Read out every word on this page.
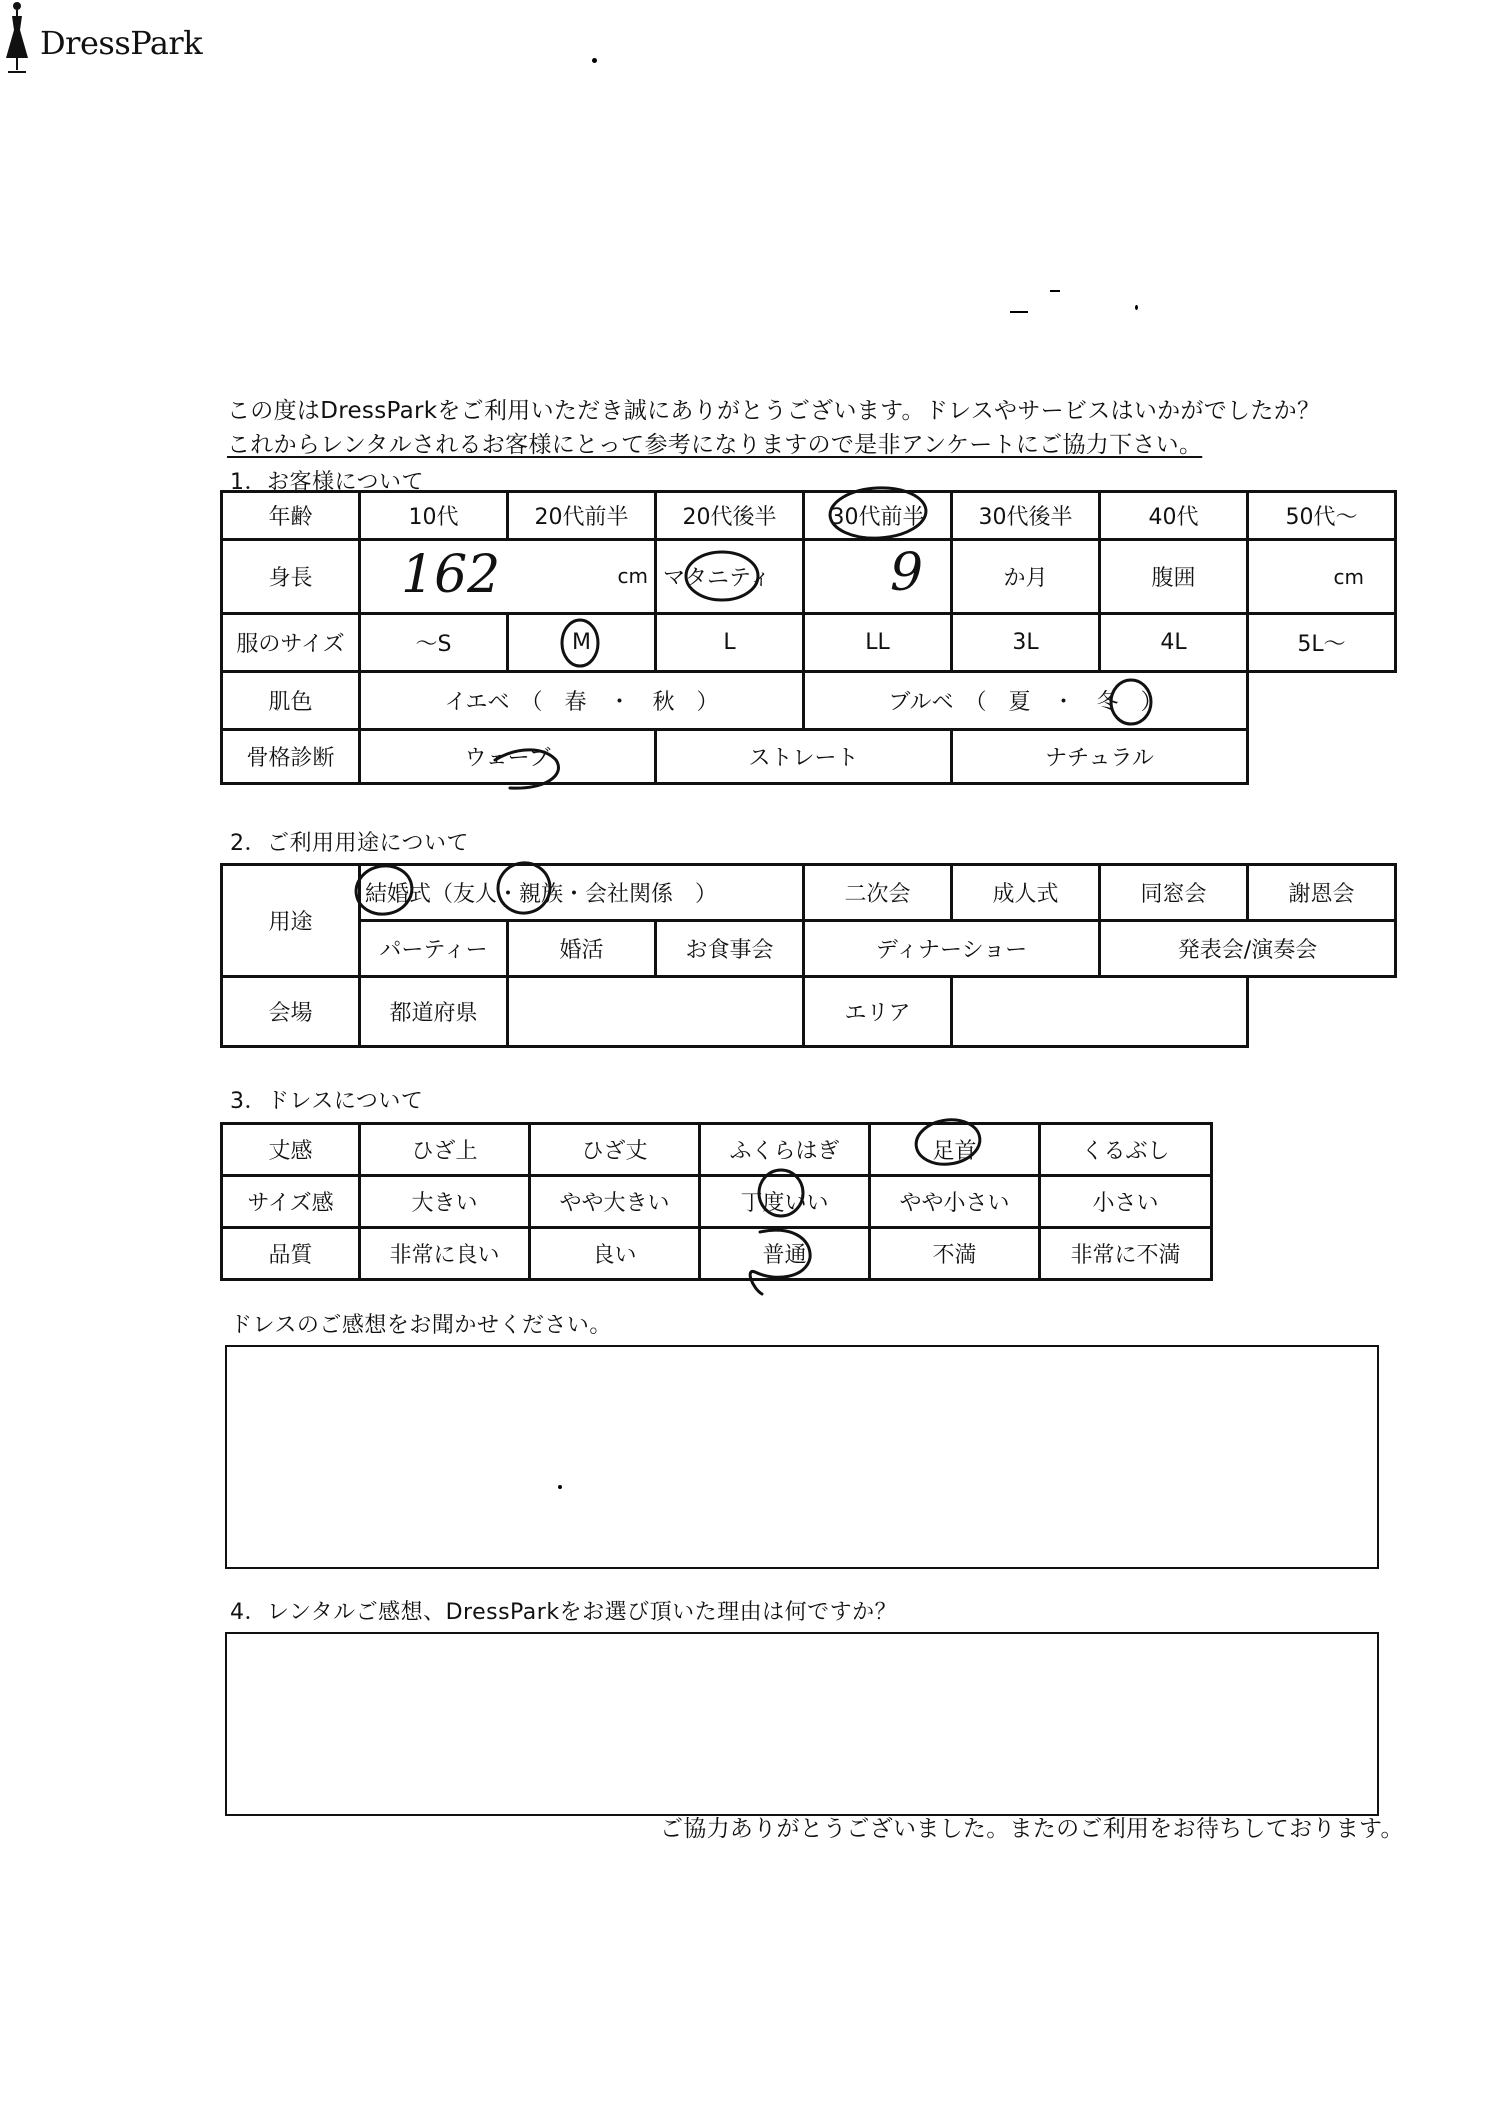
DressPark
この度はDressParkをご利用いただき誠にありがとうございます。ドレスやサービスはいかがでしたか？
これからレンタルされるお客様にとって参考になりますので是非アンケートにご協力下さい。
1．お客様について
年齢	10代	20代前半	20代後半	30代前半	30代後半	40代	50代～
身長	162 cm		マタニティ	9	か月	腹囲	cm
服のサイズ	～S	M	L	LL	3L	4L	5L～
肌色	イエベ　（　春　・　秋　）			ブルベ　（　夏　・　冬　）			
骨格診断	ウェーブ		ストレート		ナチュラル		
2．ご利用用途について
用途	結婚式（友人・親族・会社関係　）			二次会	成人式	同窓会	謝恩会
	パーティー	婚活	お食事会	ディナーショー		発表会/演奏会	
会場	都道府県			エリア			
3．ドレスについて
丈感	ひざ上	ひざ丈	ふくらはぎ	足首	くるぶし
サイズ感	大きい	やや大きい	丁度いい	やや小さい	小さい
品質	非常に良い	良い	普通	不満	非常に不満
ドレスのご感想をお聞かせください。
4．レンタルご感想、DressParkをお選び頂いた理由は何ですか？
ご協力ありがとうございました。またのご利用をお待ちしております。
